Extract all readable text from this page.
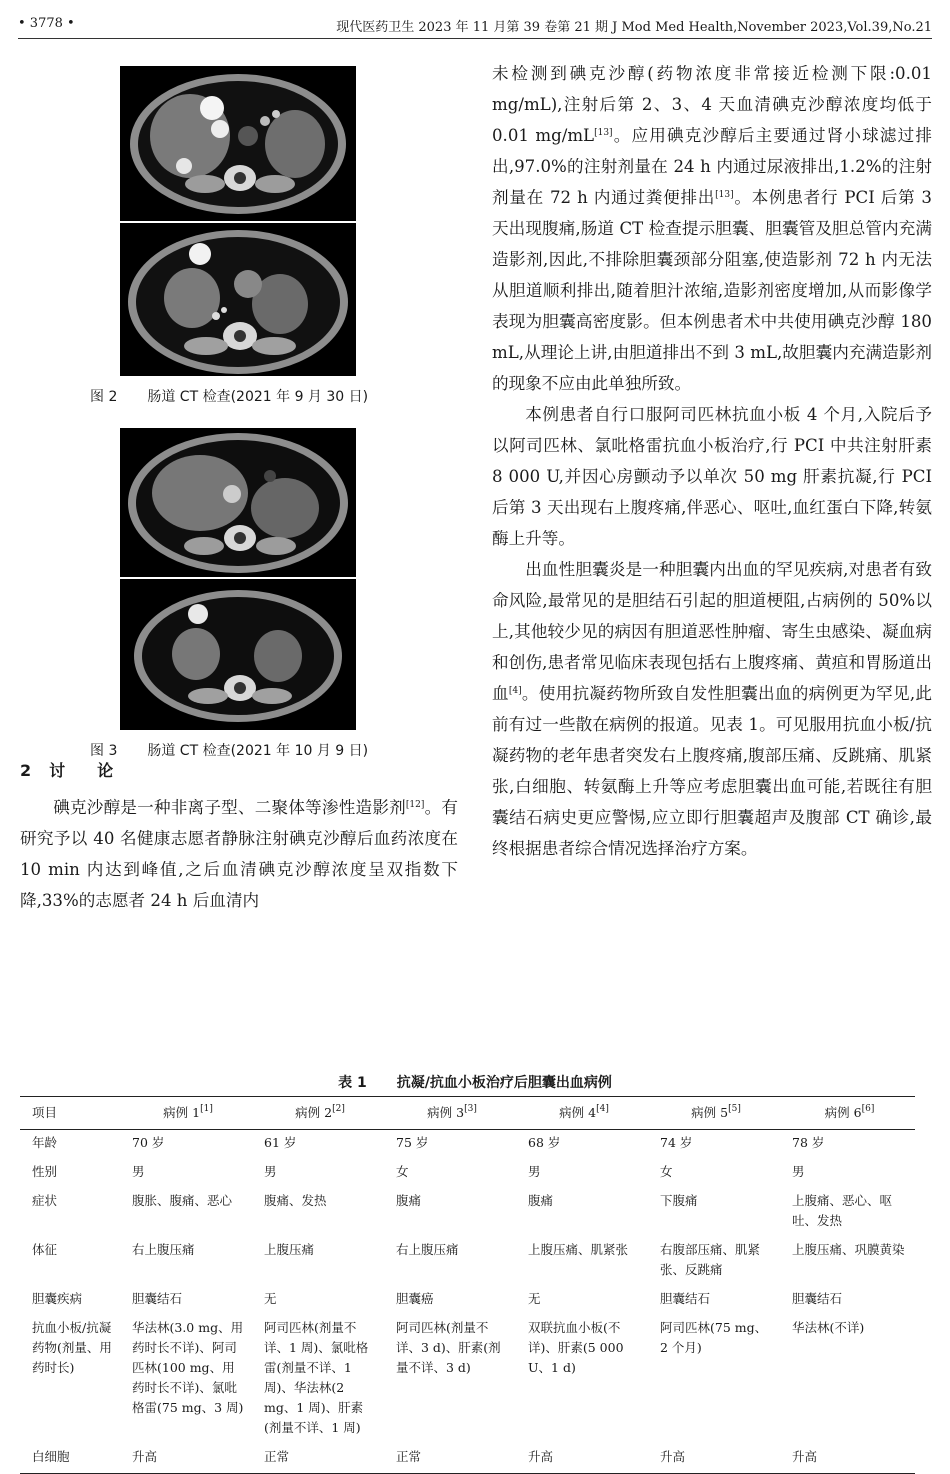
• 3778 •	现代医药卫生 2023 年 11 月第 39 卷第 21 期 J Mod Med Health,November 2023,Vol.39,No.21
图 2 肠道 CT 检查(2021 年 9 月 30 日)
图 3 肠道 CT 检查(2021 年 10 月 9 日)
2 讨 论

碘克沙醇是一种非离子型、二聚体等渗性造影剂[12]。有研究予以 40 名健康志愿者静脉注射碘克沙醇后血药浓度在 10 min 内达到峰值,之后血清碘克沙醇浓度呈双指数下降,33%的志愿者 24 h 后血清内

未检测到碘克沙醇(药物浓度非常接近检测下限:0.01 mg/mL),注射后第 2、3、4 天血清碘克沙醇浓度均低于 0.01 mg/mL[13]。应用碘克沙醇后主要通过肾小球滤过排出,97.0%的注射剂量在 24 h 内通过尿液排出,1.2%的注射剂量在 72 h 内通过粪便排出[13]。本例患者行 PCI 后第 3 天出现腹痛,肠道 CT 检查提示胆囊、胆囊管及胆总管内充满造影剂,因此,不排除胆囊颈部分阻塞,使造影剂 72 h 内无法从胆道顺利排出,随着胆汁浓缩,造影剂密度增加,从而影像学表现为胆囊高密度影。但本例患者术中共使用碘克沙醇 180 mL,从理论上讲,由胆道排出不到 3 mL,故胆囊内充满造影剂的现象不应由此单独所致。

本例患者自行口服阿司匹林抗血小板 4 个月,入院后予以阿司匹林、氯吡格雷抗血小板治疗,行 PCI 中共注射肝素 8 000 U,并因心房颤动予以单次 50 mg 肝素抗凝,行 PCI 后第 3 天出现右上腹疼痛,伴恶心、呕吐,血红蛋白下降,转氨酶上升等。

出血性胆囊炎是一种胆囊内出血的罕见疾病,对患者有致命风险,最常见的是胆结石引起的胆道梗阻,占病例的 50%以上,其他较少见的病因有胆道恶性肿瘤、寄生虫感染、凝血病和创伤,患者常见临床表现包括右上腹疼痛、黄疸和胃肠道出血[4]。使用抗凝药物所致自发性胆囊出血的病例更为罕见,此前有过一些散在病例的报道。见表 1。可见服用抗血小板/抗凝药物的老年患者突发右上腹疼痛,腹部压痛、反跳痛、肌紧张,白细胞、转氨酶上升等应考虑胆囊出血可能,若既往有胆囊结石病史更应警惕,应立即行胆囊超声及腹部 CT 确诊,最终根据患者综合情况选择治疗方案。

表 1 抗凝/抗血小板治疗后胆囊出血病例
项目	病例 1[1]	病例 2[2]	病例 3[3]	病例 4[4]	病例 5[5]	病例 6[6]
年龄	70 岁	61 岁	75 岁	68 岁	74 岁	78 岁
性别	男	男	女	男	女	男
症状	腹胀、腹痛、恶心	腹痛、发热	腹痛	腹痛	下腹痛	上腹痛、恶心、呕吐、发热
体征	右上腹压痛	上腹压痛	右上腹压痛	上腹压痛、肌紧张	右腹部压痛、肌紧张、反跳痛	上腹压痛、巩膜黄染
胆囊疾病	胆囊结石	无	胆囊癌	无	胆囊结石	胆囊结石
抗血小板/抗凝药物(剂量、用药时长)	华法林(3.0 mg、用药时长不详)、阿司匹林(100 mg、用药时长不详)、氯吡格雷(75 mg、3 周)	阿司匹林(剂量不详、1 周)、氯吡格雷(剂量不详、1 周)、华法林(2 mg、1 周)、肝素(剂量不详、1 周)	阿司匹林(剂量不详、3 d)、肝素(剂量不详、3 d)	双联抗血小板(不详)、肝素(5 000 U、1 d)	阿司匹林(75 mg、2 个月)	华法林(不详)
白细胞	升高	正常	正常	升高	升高	升高
